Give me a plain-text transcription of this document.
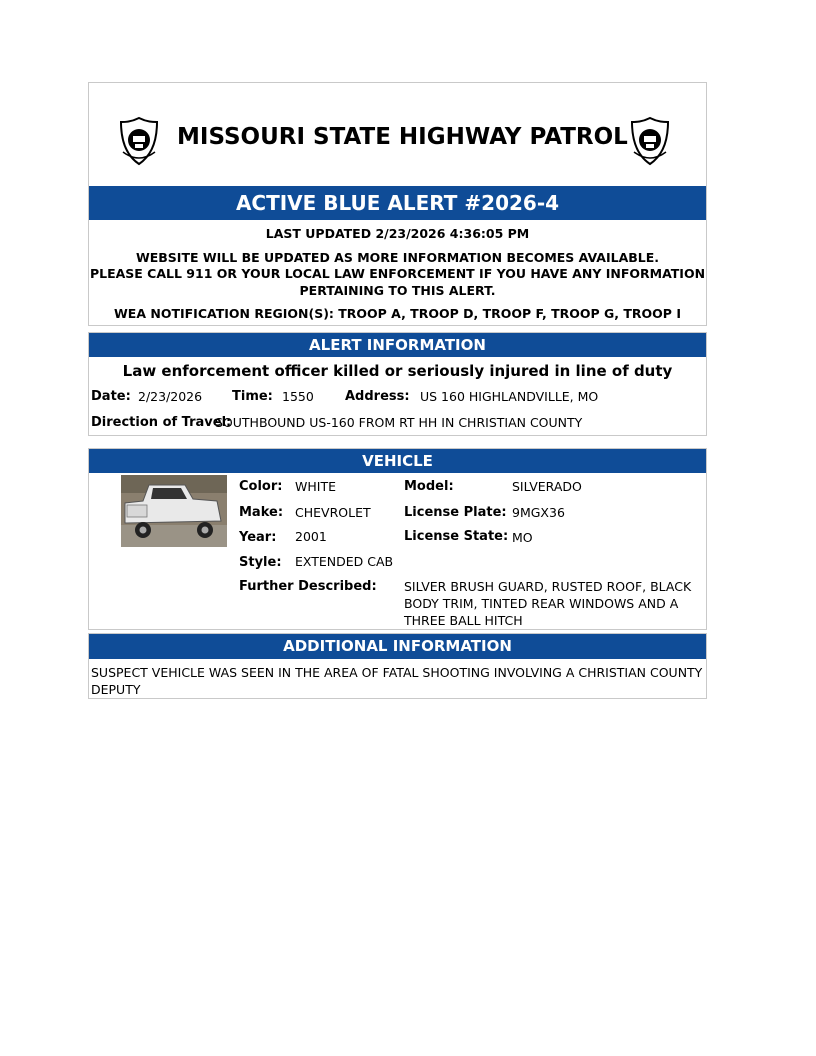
MISSOURI STATE HIGHWAY PATROL
ACTIVE BLUE ALERT #2026-4
LAST UPDATED 2/23/2026 4:36:05 PM
WEBSITE WILL BE UPDATED AS MORE INFORMATION BECOMES AVAILABLE.
PLEASE CALL 911 OR YOUR LOCAL LAW ENFORCEMENT IF YOU HAVE ANY INFORMATION
PERTAINING TO THIS ALERT.
WEA NOTIFICATION REGION(S): TROOP A, TROOP D, TROOP F, TROOP G, TROOP I
ALERT INFORMATION
Law enforcement officer killed or seriously injured in line of duty
Date: 2/23/2026 Time: 1550 Address: US 160 HIGHLANDVILLE, MO
Direction of Travel:
SOUTHBOUND US-160 FROM RT HH IN CHRISTIAN COUNTY
VEHICLE
Color: WHITE
Make: CHEVROLET
Year: 2001
Style: EXTENDED CAB
Model:	SILVERADO
License Plate: 9MGX36
License State: MO
Further Described: SILVER BRUSH GUARD, RUSTED ROOF, BLACK
BODY TRIM, TINTED REAR WINDOWS AND A
THREE BALL HITCH
ADDITIONAL INFORMATION
SUSPECT VEHICLE WAS SEEN IN THE AREA OF FATAL SHOOTING INVOLVING A CHRISTIAN COUNTY
DEPUTY
